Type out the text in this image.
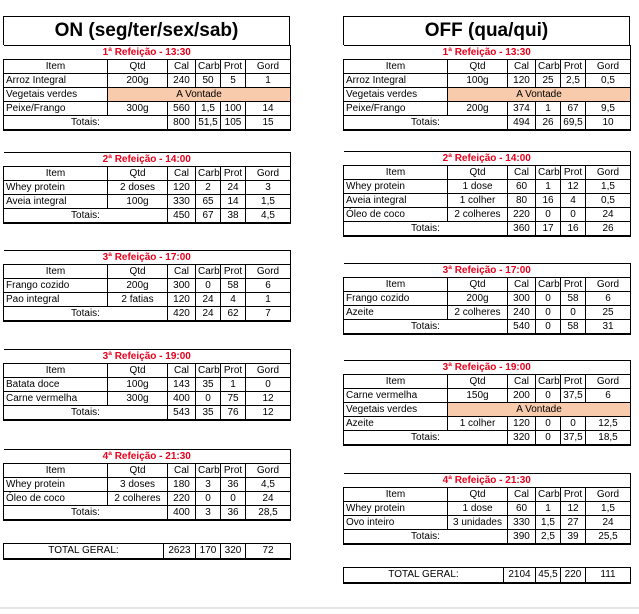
ON (seg/ter/sex/sab)
1ª Refeição - 13:30					
Item	Qtd	Cal	Carb	Prot	Gord
Arroz Integral	200g	240	50	5	1
Vegetais verdes	A Vontade				
Peixe/Frango	300g	560	1,5	100	14
Totais:		800	51,5	105	15
2ª Refeição - 14:00					
Item	Qtd	Cal	Carb	Prot	Gord
Whey protein	2 doses	120	2	24	3
Aveia integral	100g	330	65	14	1,5
Totais:		450	67	38	4,5
3ª Refeição - 17:00					
Item	Qtd	Cal	Carb	Prot	Gord
Frango cozido	200g	300	0	58	6
Pao integral	2 fatias	120	24	4	1
Totais:		420	24	62	7
3ª Refeição - 19:00					
Item	Qtd	Cal	Carb	Prot	Gord
Batata doce	100g	143	35	1	0
Carne vermelha	300g	400	0	75	12
Totais:		543	35	76	12
4ª Refeição - 21:30					
Item	Qtd	Cal	Carb	Prot	Gord
Whey protein	3 doses	180	3	36	4,5
Óleo de coco	2 colheres	220	0	0	24
Totais:		400	3	36	28,5
TOTAL GERAL:	2623	170	320	72
OFF (qua/qui)
1ª Refeição - 13:30					
Item	Qtd	Cal	Carb	Prot	Gord
Arroz Integral	100g	120	25	2,5	0,5
Vegetais verdes	A Vontade				
Peixe/Frango	200g	374	1	67	9,5
Totais:		494	26	69,5	10
2ª Refeição - 14:00					
Item	Qtd	Cal	Carb	Prot	Gord
Whey protein	1 dose	60	1	12	1,5
Aveia integral	1 colher	80	16	4	0,5
Óleo de coco	2 colheres	220	0	0	24
Totais:		360	17	16	26
3ª Refeição - 17:00					
Item	Qtd	Cal	Carb	Prot	Gord
Frango cozido	200g	300	0	58	6
Azeite	2 colheres	240	0	0	25
Totais:		540	0	58	31
3ª Refeição - 19:00					
Item	Qtd	Cal	Carb	Prot	Gord
Carne vermelha	150g	200	0	37,5	6
Vegetais verdes	A Vontade				
Azeite	1 colher	120	0	0	12,5
Totais:		320	0	37,5	18,5
4ª Refeição - 21:30					
Item	Qtd	Cal	Carb	Prot	Gord
Whey protein	1 dose	60	1	12	1,5
Ovo inteiro	3 unidades	330	1,5	27	24
Totais:		390	2,5	39	25,5
TOTAL GERAL:	2104	45,5	220	111
